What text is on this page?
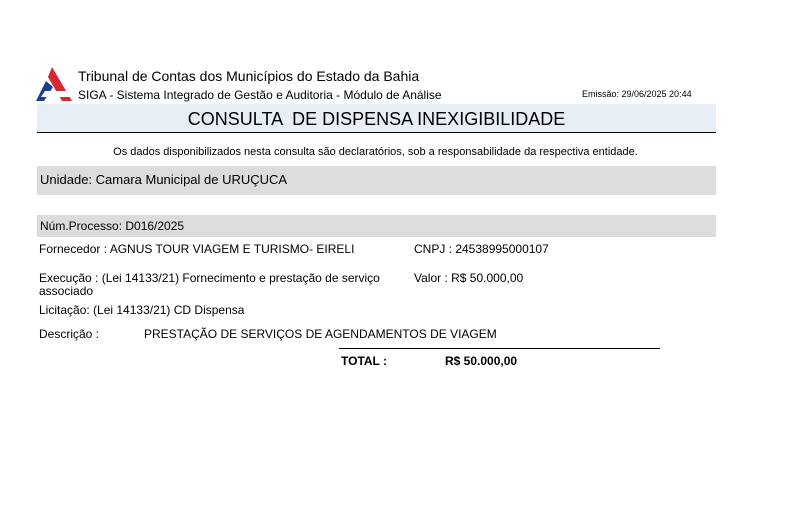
Tribunal de Contas dos Municípios do Estado da Bahia
SIGA - Sistema Integrado de Gestão e Auditoria - Módulo de Análise	Emissão: 29/06/2025 20:44
CONSULTA  DE DISPENSA INEXIGIBILIDADE
Os dados disponibilizados nesta consulta são declaratórios, sob a responsabilidade da respectiva entidade.
Unidade: Camara Municipal de URUÇUCA
Núm.Processo: D016/2025
Fornecedor : AGNUS TOUR VIAGEM E TURISMO- EIRELI	CNPJ : 24538995000107
Execução : (Lei 14133/21) Fornecimento e prestação de serviço
associado
Valor : R$ 50.000,00
Licitação: (Lei 14133/21) CD Dispensa
Descrição :	PRESTAÇÃO DE SERVIÇOS DE AGENDAMENTOS DE VIAGEM
TOTAL :	R$ 50.000,00
